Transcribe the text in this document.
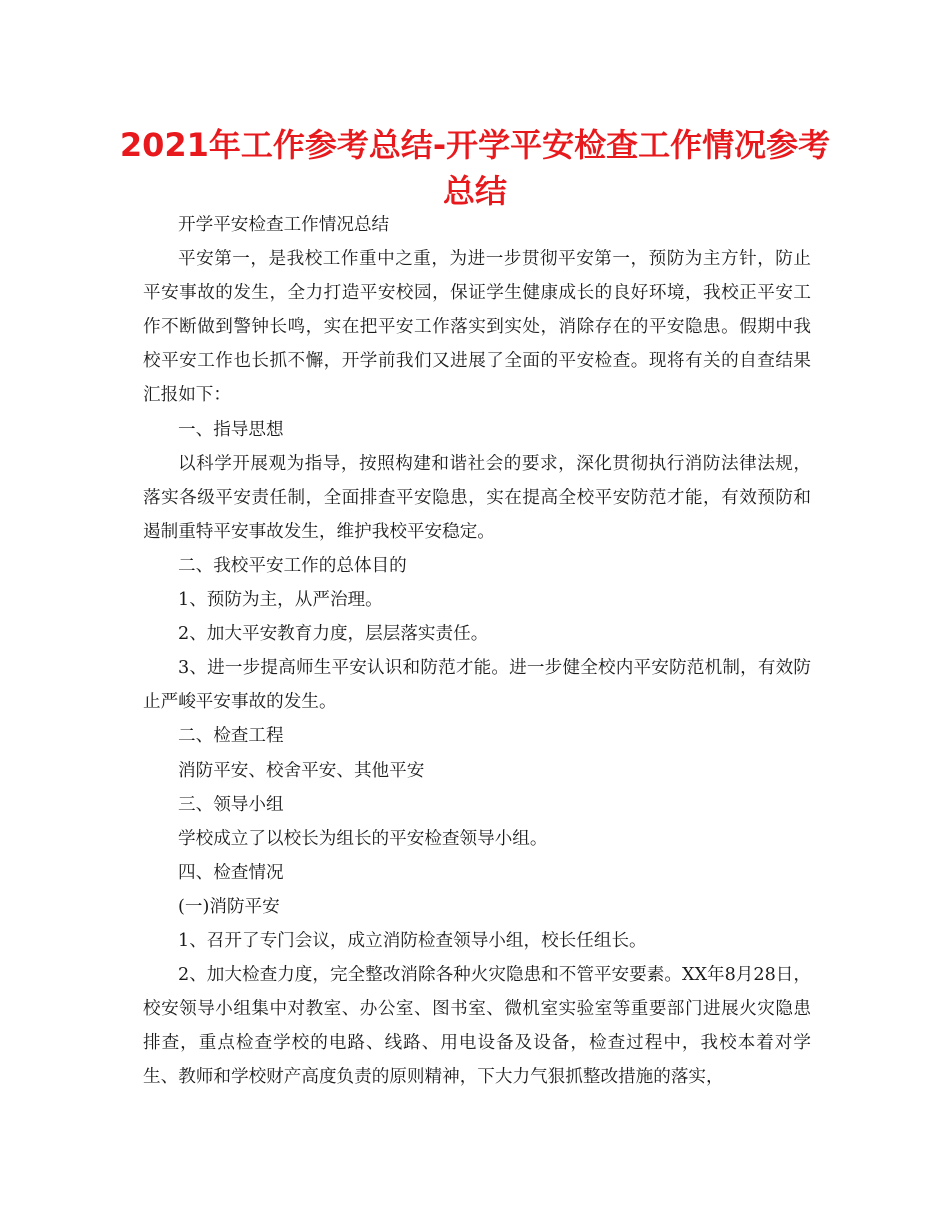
2021年工作参考总结-开学平安检查工作情况参考总结

开学平安检查工作情况总结

平安第一，是我校工作重中之重，为进一步贯彻平安第一，预防为主方针，防止平安事故的发生，全力打造平安校园，保证学生健康成长的良好环境，我校正平安工作不断做到警钟长鸣，实在把平安工作落实到实处，消除存在的平安隐患。假期中我校平安工作也长抓不懈，开学前我们又进展了全面的平安检查。现将有关的自查结果汇报如下：

一、指导思想

以科学开展观为指导，按照构建和谐社会的要求，深化贯彻执行消防法律法规，落实各级平安责任制，全面排查平安隐患，实在提高全校平安防范才能，有效预防和遏制重特平安事故发生，维护我校平安稳定。

二、我校平安工作的总体目的

1、预防为主，从严治理。

2、加大平安教育力度，层层落实责任。

3、进一步提高师生平安认识和防范才能。进一步健全校内平安防范机制，有效防止严峻平安事故的发生。

二、检查工程

消防平安、校舍平安、其他平安

三、领导小组

学校成立了以校长为组长的平安检查领导小组。

四、检查情况

(一)消防平安

1、召开了专门会议，成立消防检查领导小组，校长任组长。

2、加大检查力度，完全整改消除各种火灾隐患和不管平安要素。XX年8月28日，校安领导小组集中对教室、办公室、图书室、微机室实验室等重要部门进展火灾隐患排查，重点检查学校的电路、线路、用电设备及设备，检查过程中，我校本着对学生、教师和学校财产高度负责的原则精神，下大力气狠抓整改措施的落实，
